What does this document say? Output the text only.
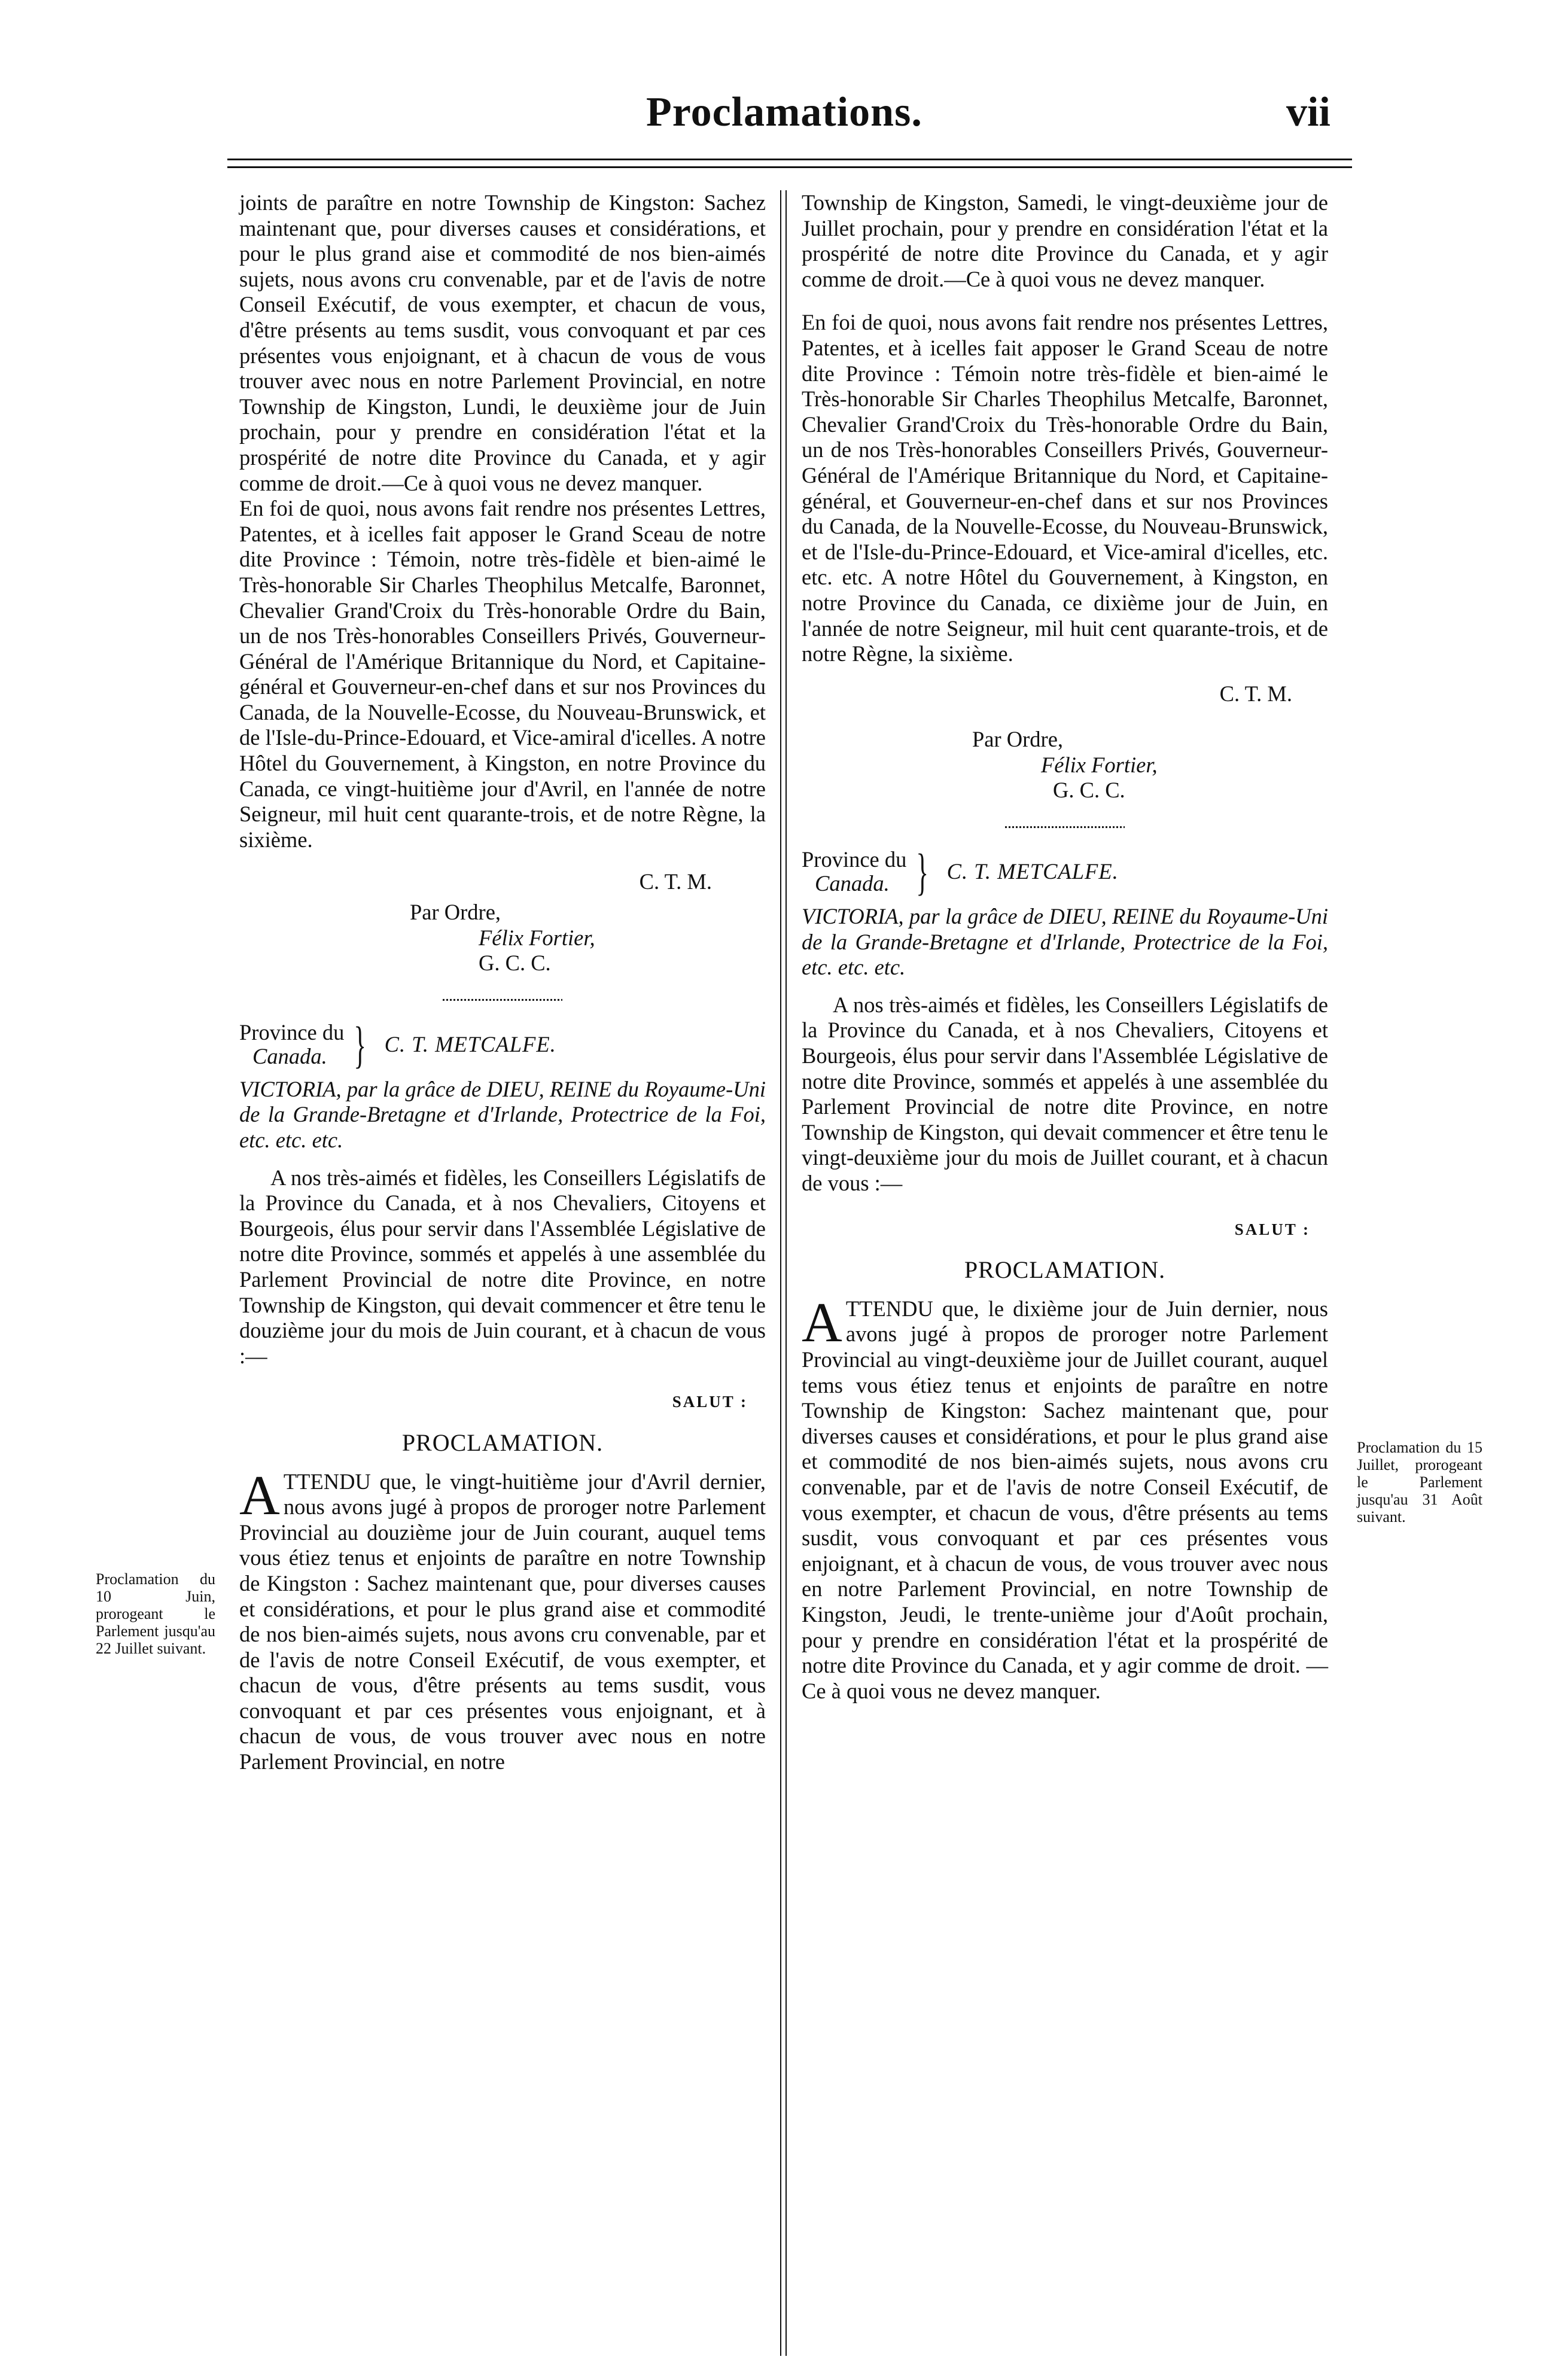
Proclamations.	vii

joints de paraître en notre Township de Kingston: Sachez maintenant que, pour diverses causes et considérations, et pour le plus grand aise et commodité de nos bien-aimés sujets, nous avons cru convenable, par et de l'avis de notre Conseil Exécutif, de vous exempter, et chacun de vous, d'être présents au tems susdit, vous convoquant et par ces présentes vous enjoignant, et à chacun de vous de vous trouver avec nous en notre Parlement Provincial, en notre Township de Kingston, Lundi, le deuxième jour de Juin prochain, pour y prendre en considération l'état et la prospérité de notre dite Province du Canada, et y agir comme de droit.—Ce à quoi vous ne devez manquer.

En foi de quoi, nous avons fait rendre nos présentes Lettres, Patentes, et à icelles fait apposer le Grand Sceau de notre dite Province : Témoin, notre très-fidèle et bien-aimé le Très-honorable Sir Charles Theophilus Metcalfe, Baronnet, Chevalier Grand'Croix du Très-honorable Ordre du Bain, un de nos Très-honorables Conseillers Privés, Gouverneur-Général de l'Amérique Britannique du Nord, et Capitaine-général et Gouverneur-en-chef dans et sur nos Provinces du Canada, de la Nouvelle-Ecosse, du Nouveau-Brunswick, et de l'Isle-du-Prince-Edouard, et Vice-amiral d'icelles. A notre Hôtel du Gouvernement, à Kingston, en notre Province du Canada, ce vingt-huitième jour d'Avril, en l'année de notre Seigneur, mil huit cent quarante-trois, et de notre Règne, la sixième.

C. T. M.
Par Ordre,
Félix Fortier,
G. C. C.
Province du
Canada. } C. T. METCALFE.

VICTORIA, par la grâce de DIEU, REINE du Royaume-Uni de la Grande-Bretagne et d'Irlande, Protectrice de la Foi, etc. etc. etc.

A nos très-aimés et fidèles, les Conseillers Législatifs de la Province du Canada, et à nos Chevaliers, Citoyens et Bourgeois, élus pour servir dans l'Assemblée Législative de notre dite Province, sommés et appelés à une assemblée du Parlement Provincial de notre dite Province, en notre Township de Kingston, qui devait commencer et être tenu le douzième jour du mois de Juin courant, et à chacun de vous :—

SALUT :
PROCLAMATION.

ATTENDU que, le vingt-huitième jour d'Avril dernier, nous avons jugé à propos de proroger notre Parlement Provincial au douzième jour de Juin courant, auquel tems vous étiez tenus et enjoints de paraître en notre Township de Kingston : Sachez maintenant que, pour diverses causes et considérations, et pour le plus grand aise et commodité de nos bien-aimés sujets, nous avons cru convenable, par et de l'avis de notre Conseil Exécutif, de vous exempter, et chacun de vous, d'être présents au tems susdit, vous convoquant et par ces présentes vous enjoignant, et à chacun de vous, de vous trouver avec nous en notre Parlement Provincial, en notre

Township de Kingston, Samedi, le vingt-deuxième jour de Juillet prochain, pour y prendre en considération l'état et la prospérité de notre dite Province du Canada, et y agir comme de droit.—Ce à quoi vous ne devez manquer.

En foi de quoi, nous avons fait rendre nos présentes Lettres, Patentes, et à icelles fait apposer le Grand Sceau de notre dite Province : Témoin notre très-fidèle et bien-aimé le Très-honorable Sir Charles Theophilus Metcalfe, Baronnet, Chevalier Grand'Croix du Très-honorable Ordre du Bain, un de nos Très-honorables Conseillers Privés, Gouverneur-Général de l'Amérique Britannique du Nord, et Capitaine-général, et Gouverneur-en-chef dans et sur nos Provinces du Canada, de la Nouvelle-Ecosse, du Nouveau-Brunswick, et de l'Isle-du-Prince-Edouard, et Vice-amiral d'icelles, etc. etc. etc. A notre Hôtel du Gouvernement, à Kingston, en notre Province du Canada, ce dixième jour de Juin, en l'année de notre Seigneur, mil huit cent quarante-trois, et de notre Règne, la sixième.

C. T. M.
Par Ordre,
Félix Fortier,
G. C. C.
Province du
Canada. } C. T. METCALFE.

VICTORIA, par la grâce de DIEU, REINE du Royaume-Uni de la Grande-Bretagne et d'Irlande, Protectrice de la Foi, etc. etc. etc.

A nos très-aimés et fidèles, les Conseillers Législatifs de la Province du Canada, et à nos Chevaliers, Citoyens et Bourgeois, élus pour servir dans l'Assemblée Législative de notre dite Province, sommés et appelés à une assemblée du Parlement Provincial de notre dite Province, en notre Township de Kingston, qui devait commencer et être tenu le vingt-deuxième jour du mois de Juillet courant, et à chacun de vous :—

SALUT :
PROCLAMATION.

ATTENDU que, le dixième jour de Juin dernier, nous avons jugé à propos de proroger notre Parlement Provincial au vingt-deuxième jour de Juillet courant, auquel tems vous étiez tenus et enjoints de paraître en notre Township de Kingston: Sachez maintenant que, pour diverses causes et considérations, et pour le plus grand aise et commodité de nos bien-aimés sujets, nous avons cru convenable, par et de l'avis de notre Conseil Exécutif, de vous exempter, et chacun de vous, d'être présents au tems susdit, vous convoquant et par ces présentes vous enjoignant, et à chacun de vous, de vous trouver avec nous en notre Parlement Provincial, en notre Township de Kingston, Jeudi, le trente-unième jour d'Août prochain, pour y prendre en considération l'état et la prospérité de notre dite Province du Canada, et y agir comme de droit. —Ce à quoi vous ne devez manquer.

Proclamation du 10 Juin, prorogeant le Parlement jusqu'au 22 Juillet suivant.
Proclamation du 15 Juillet, prorogeant le Parlement jusqu'au 31 Août suivant.
